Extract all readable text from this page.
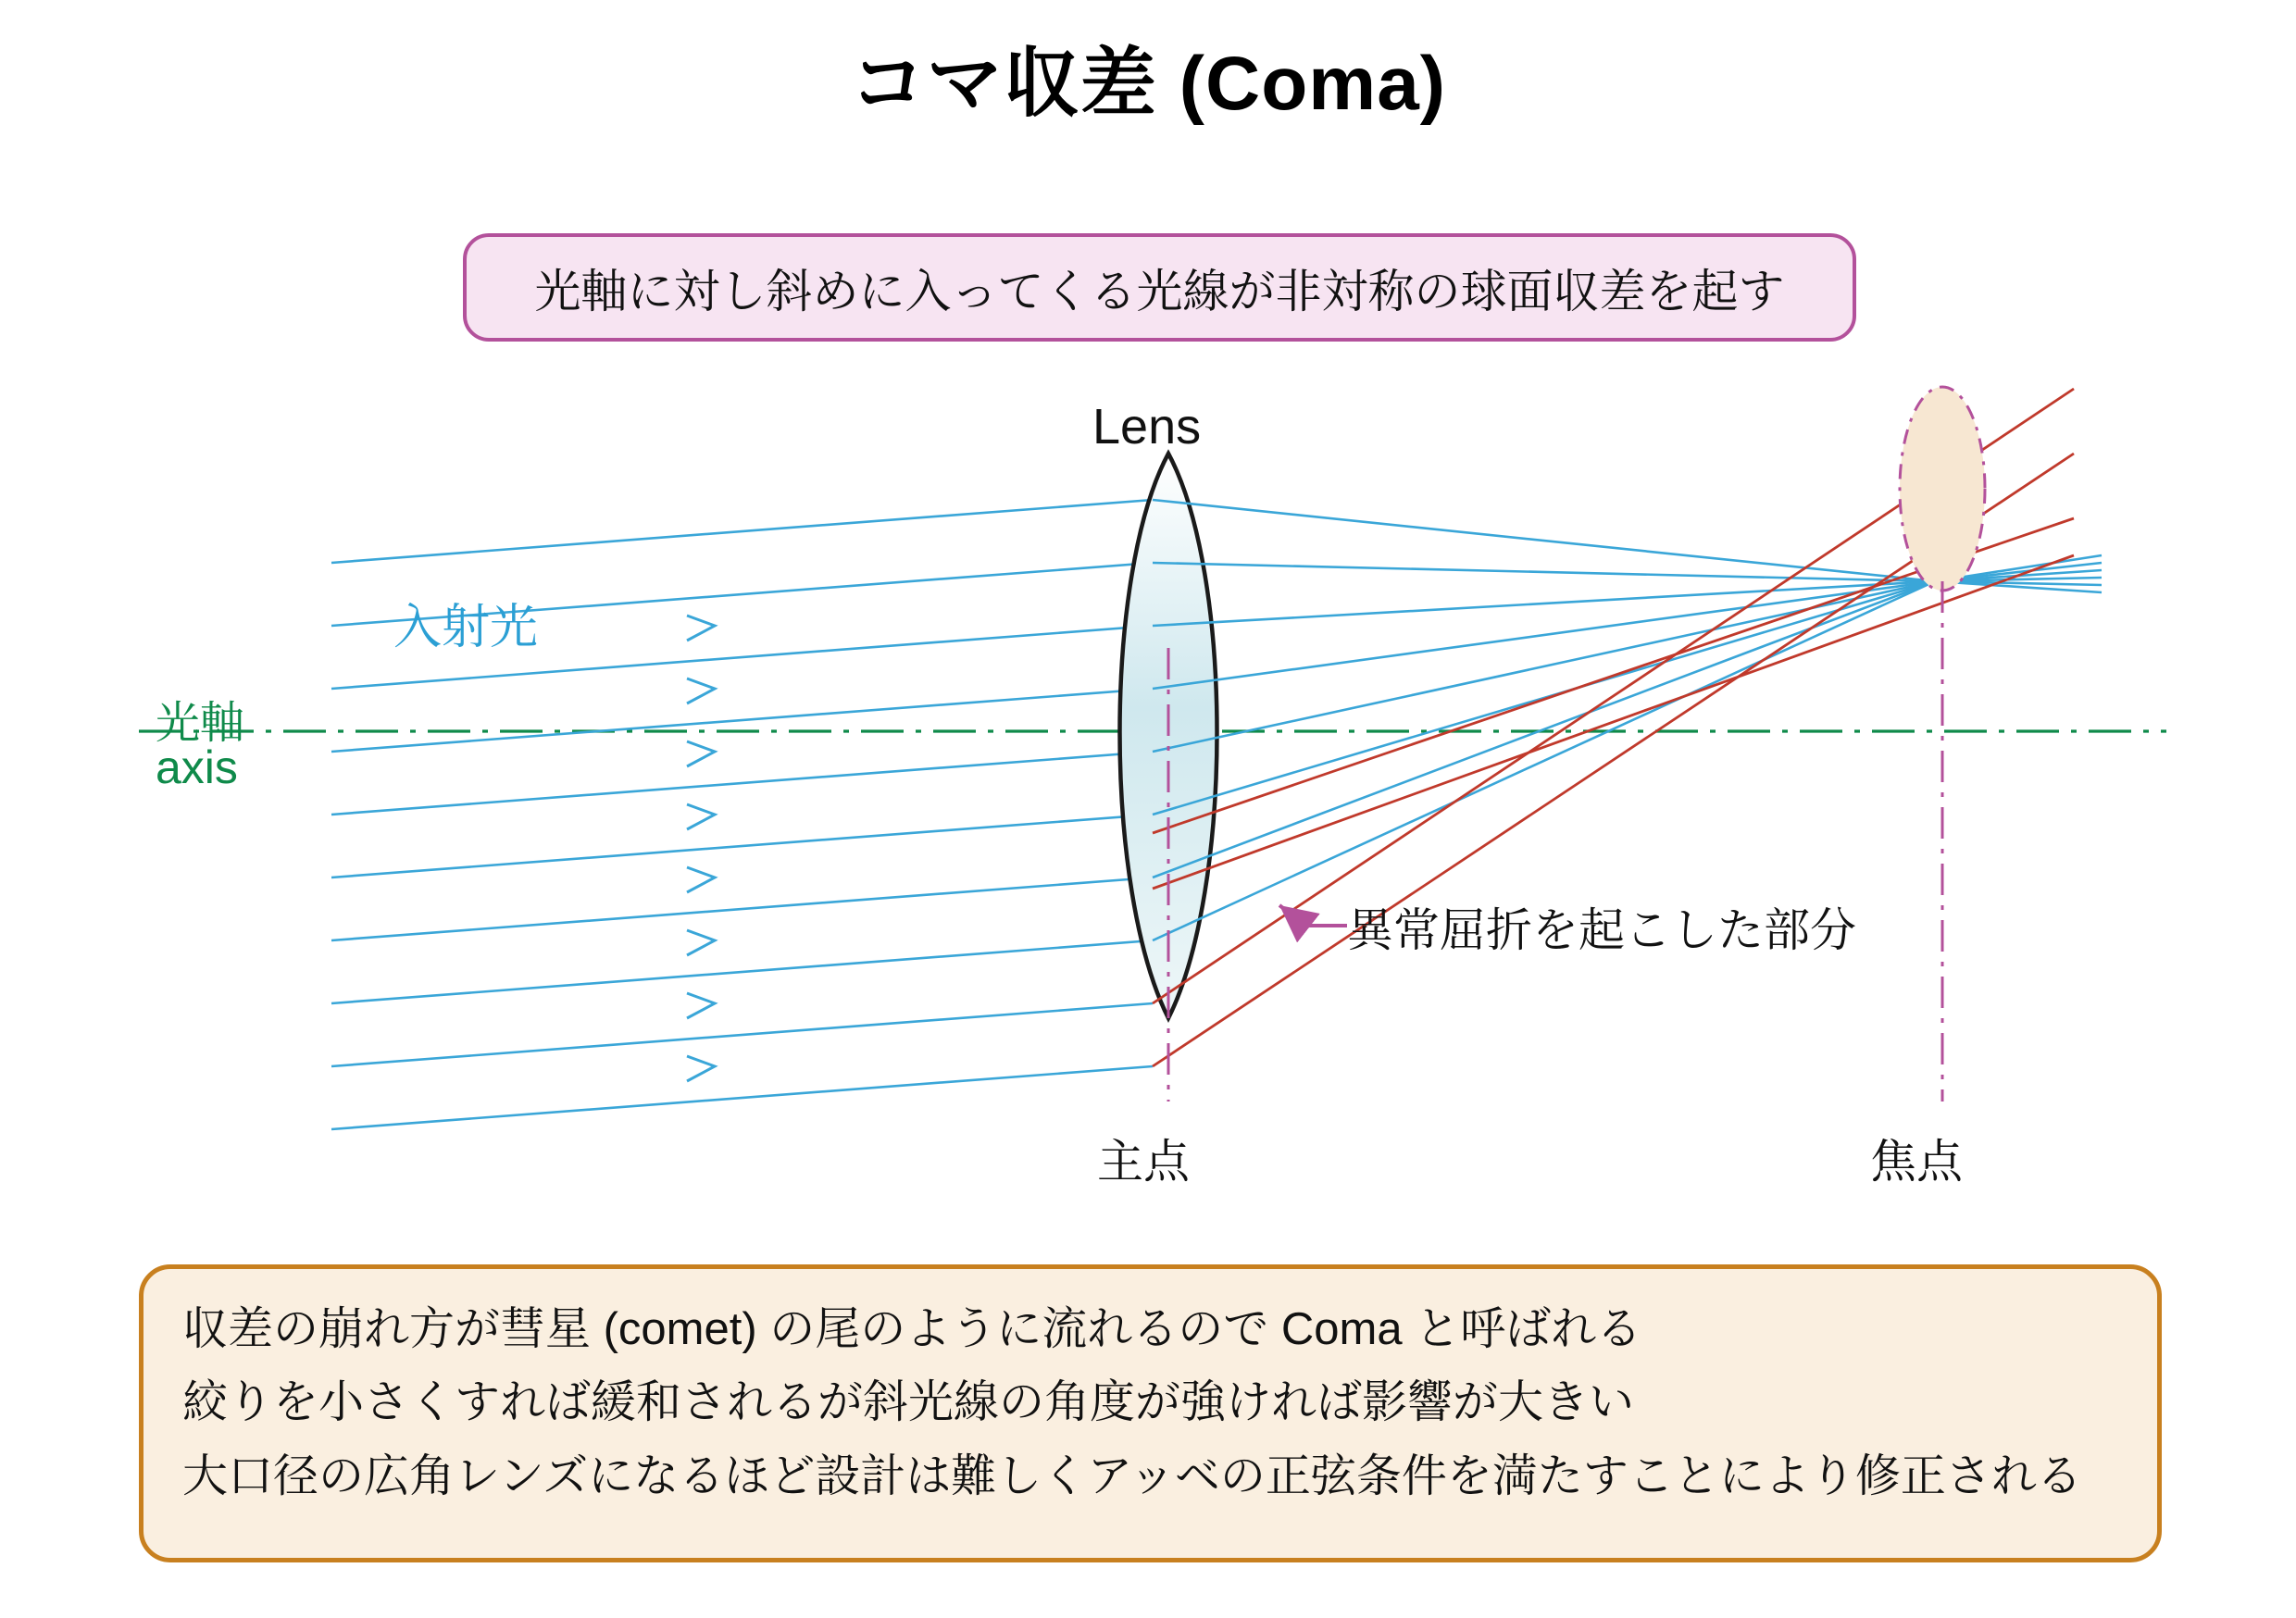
コマ収差 (Coma)
光軸に対し斜めに入ってくる光線が非対称の球面収差を起す
Lens
入射光
光軸
axis
異常屈折を起こした部分
主点	焦点
収差の崩れ方が彗星 (comet) の尾のように流れるので Coma と呼ばれる
絞りを小さくすれば緩和されるが斜光線の角度が強ければ影響が大きい
大口径の広角レンズになるほど設計は難しくアッベの正弦条件を満たすことにより修正される
